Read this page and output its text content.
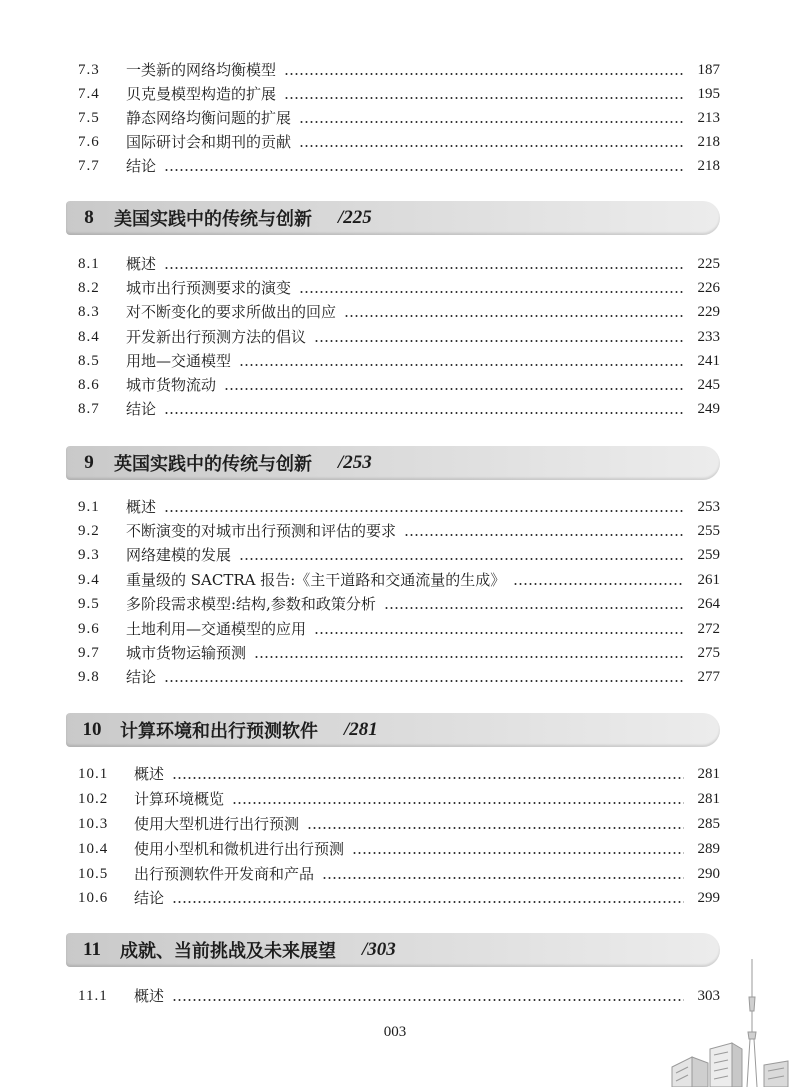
7.3	一类新的网络均衡模型	187
7.4	贝克曼模型构造的扩展	195
7.5	静态网络均衡问题的扩展	213
7.6	国际研讨会和期刊的贡献	218
7.7	结论	218
8	美国实践中的传统与创新 /225
8.1	概述	225
8.2	城市出行预测要求的演变	226
8.3	对不断变化的要求所做出的回应	229
8.4	开发新出行预测方法的倡议	233
8.5	用地—交通模型	241
8.6	城市货物流动	245
8.7	结论	249
9	英国实践中的传统与创新 /253
9.1	概述	253
9.2	不断演变的对城市出行预测和评估的要求	255
9.3	网络建模的发展	259
9.4	重量级的 SACTRA 报告:《主干道路和交通流量的生成》	261
9.5	多阶段需求模型:结构,参数和政策分析	264
9.6	土地利用—交通模型的应用	272
9.7	城市货物运输预测	275
9.8	结论	277
10	计算环境和出行预测软件 /281
10.1	概述	281
10.2	计算环境概览	281
10.3	使用大型机进行出行预测	285
10.4	使用小型机和微机进行出行预测	289
10.5	出行预测软件开发商和产品	290
10.6	结论	299
11	成就、当前挑战及未来展望 /303
11.1	概述	303
003
